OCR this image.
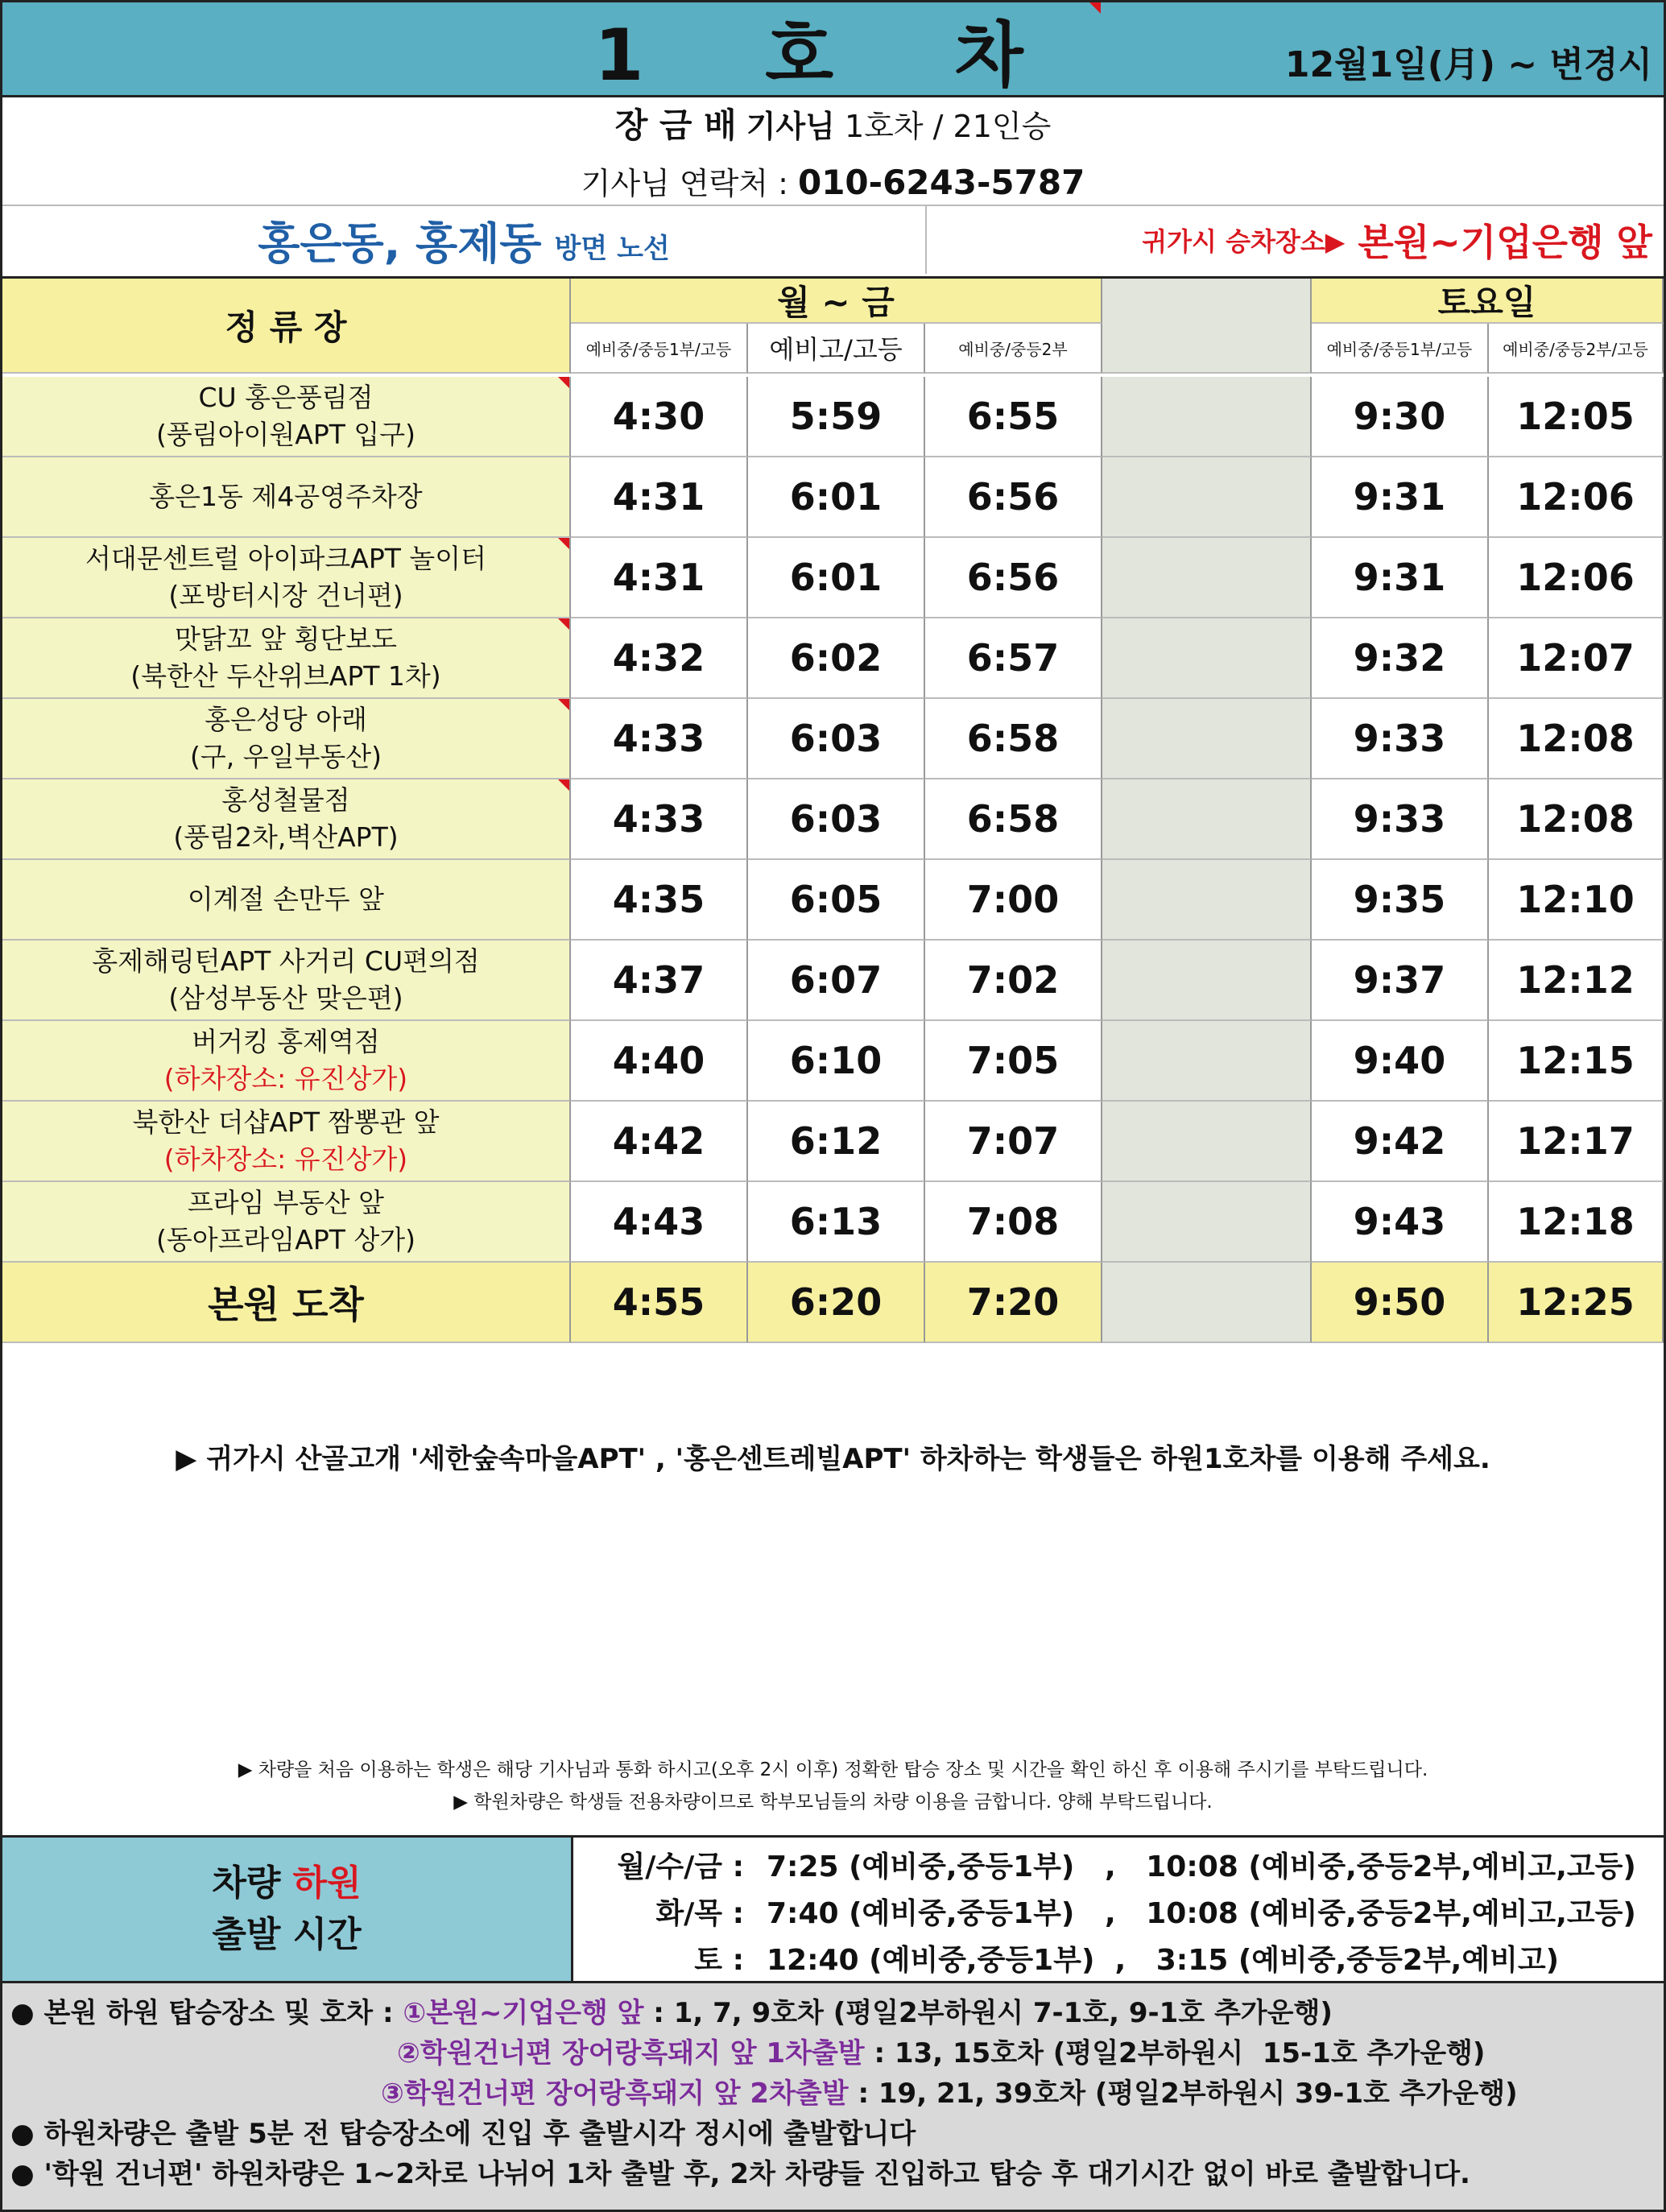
1 호 차	12월1일(月) ~ 변경시
장 금 배 기사님 1호차 / 21인승
기사님 연락처 : 010-6243-5787
홍은동, 홍제동 방면 노선	귀가시 승차장소▶ 본원~기업은행 앞
정 류 장
월 ~ 금	토요일
예비중/중등1부/고등	예비고/고등	예비중/중등2부	예비중/중등1부/고등	예비중/중등2부/고등
CU 홍은풍림점
(풍림아이원APT 입구)	4:30	5:59	6:55	9:30	12:05
홍은1동 제4공영주차장	4:31	6:01	6:56	9:31	12:06
서대문센트럴 아이파크APT 놀이터
(포방터시장 건너편)	4:31	6:01	6:56	9:31	12:06
맛닭꼬 앞 횡단보도
(북한산 두산위브APT 1차)	4:32	6:02	6:57	9:32	12:07
홍은성당 아래
(구, 우일부동산)	4:33	6:03	6:58	9:33	12:08
홍성철물점
(풍림2차,벽산APT)	4:33	6:03	6:58	9:33	12:08
이계절 손만두 앞	4:35	6:05	7:00	9:35	12:10
홍제해링턴APT 사거리 CU편의점
(삼성부동산 맞은편)	4:37	6:07	7:02	9:37	12:12
버거킹 홍제역점
(하차장소: 유진상가)	4:40	6:10	7:05	9:40	12:15
북한산 더샵APT 짬뽕관 앞
(하차장소: 유진상가)	4:42	6:12	7:07	9:42	12:17
프라임 부동산 앞
(동아프라임APT 상가)	4:43	6:13	7:08	9:43	12:18
본원 도착	4:55	6:20	7:20	9:50	12:25
▶ 귀가시 산골고개 '세한숲속마을APT' , '홍은센트레빌APT' 하차하는 학생들은 하원1호차를 이용해 주세요.
▶ 차량을 처음 이용하는 학생은 해당 기사님과 통화 하시고(오후 2시 이후) 정확한 탑승 장소 및 시간을 확인 하신 후 이용해 주시기를 부탁드립니다.
▶ 학원차량은 학생들 전용차량이므로 학부모님들의 차량 이용을 금합니다. 양해 부탁드립니다.
차량 하원
출발 시간
월/수/금 : 7:25 (예비중,중등1부)   ,   10:08 (예비중,중등2부,예비고,고등)
화/목 : 7:40 (예비중,중등1부)   ,   10:08 (예비중,중등2부,예비고,고등)
토 : 12:40 (예비중,중등1부)  ,   3:15 (예비중,중등2부,예비고)
● 본원 하원 탑승장소 및 호차 :
①본원~기업은행 앞
: 1, 7, 9호차 (평일2부하원시 7-1호, 9-1호 추가운행)
②학원건너편 장어랑흑돼지 앞 1차출발
: 13, 15호차 (평일2부하원시  15-1호 추가운행)
③학원건너편 장어랑흑돼지 앞 2차출발
: 19, 21, 39호차 (평일2부하원시 39-1호 추가운행)
● 하원차량은 출발 5분 전 탑승장소에 진입 후 출발시각 정시에 출발합니다
● '학원 건너편' 하원차량은 1~2차로 나뉘어 1차 출발 후, 2차 차량들 진입하고 탑승 후 대기시간 없이 바로 출발합니다.
